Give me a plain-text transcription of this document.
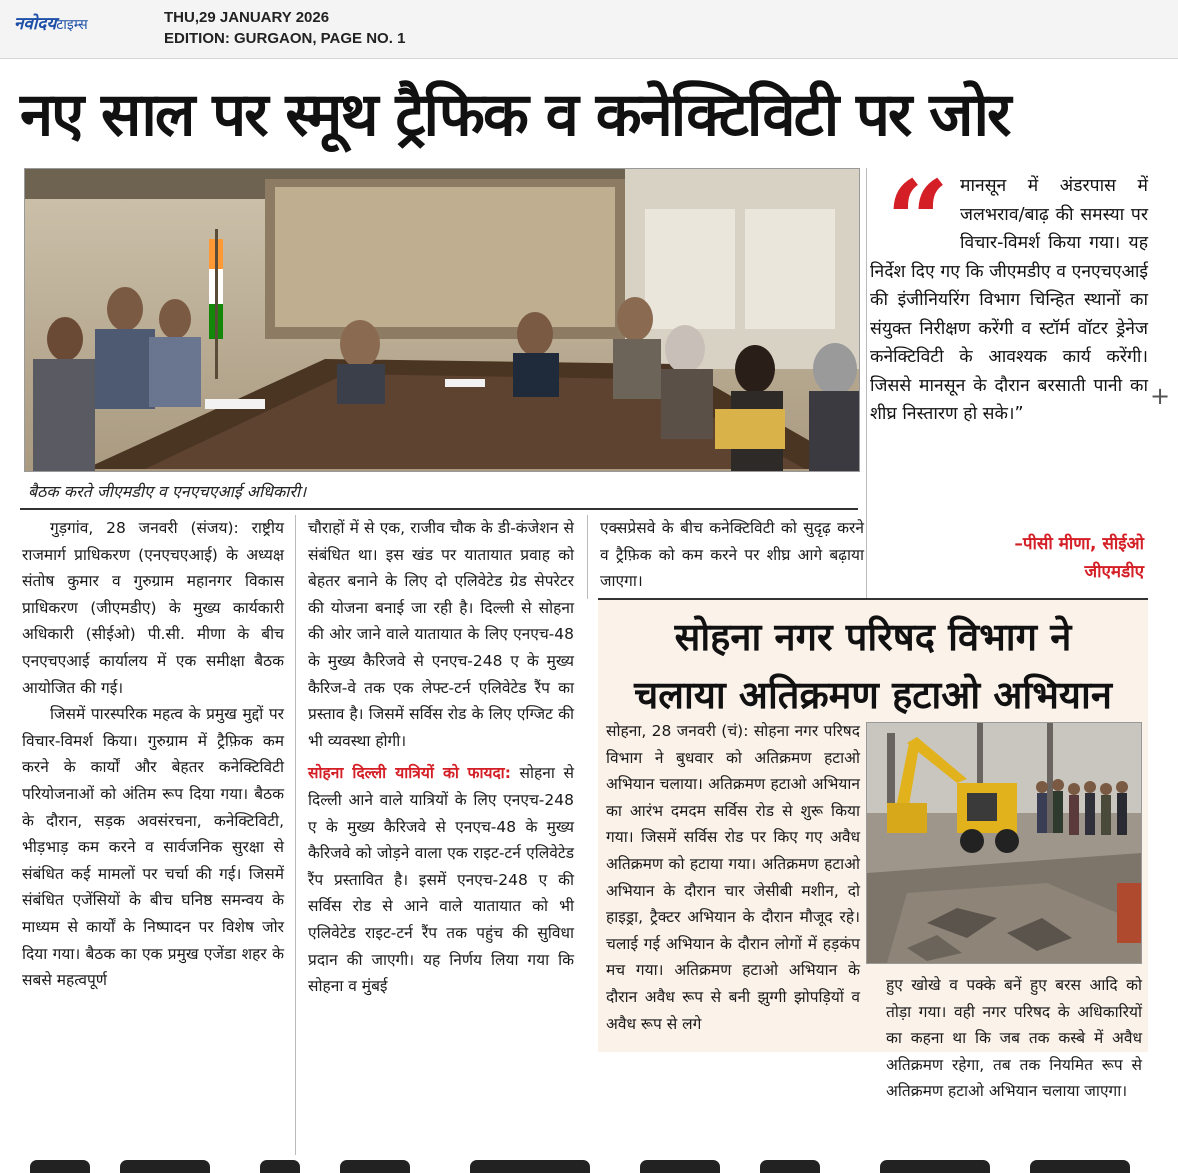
नवोदयटाइम्स	THU,29 JANUARY 2026
EDITION: GURGAON, PAGE NO. 1
नए साल पर स्मूथ ट्रैफिक व कनेक्टिविटी पर जोर
बैठक करते जीएमडीए व एनएचएआई अधिकारी।
“ मानसून में अंडरपास में जलभराव/बाढ़ की समस्या पर विचार-विमर्श किया गया। यह निर्देश दिए गए कि जीएमडीए व एनएचएआई की इंजीनियरिंग विभाग चिन्हित स्थानों का संयुक्त निरीक्षण करेंगी व स्टॉर्म वॉटर ड्रेनेज कनेक्टिविटी के आवश्यक कार्य करेंगी। जिससे मानसून के दौरान बरसाती पानी का शीघ्र निस्तारण हो सके।”
–पीसी मीणा, सीईओ
जीएमडीए
+

गुड़गांव, 28 जनवरी (संजय): राष्ट्रीय राजमार्ग प्राधिकरण (एनएचएआई) के अध्यक्ष संतोष कुमार व गुरुग्राम महानगर विकास प्राधिकरण (जीएमडीए) के मुख्य कार्यकारी अधिकारी (सीईओ) पी.सी. मीणा के बीच एनएचएआई कार्यालय में एक समीक्षा बैठक आयोजित की गई।

जिसमें पारस्परिक महत्व के प्रमुख मुद्दों पर विचार-विमर्श किया। गुरुग्राम में ट्रैफ़िक कम करने के कार्यों और बेहतर कनेक्टिविटी परियोजनाओं को अंतिम रूप दिया गया। बैठक के दौरान, सड़क अवसंरचना, कनेक्टिविटी, भीड़भाड़ कम करने व सार्वजनिक सुरक्षा से संबंधित कई मामलों पर चर्चा की गई। जिसमें संबंधित एजेंसियों के बीच घनिष्ठ समन्वय के माध्यम से कार्यों के निष्पादन पर विशेष जोर दिया गया। बैठक का एक प्रमुख एजेंडा शहर के सबसे महत्वपूर्ण

चौराहों में से एक, राजीव चौक के डी-कंजेशन से संबंधित था। इस खंड पर यातायात प्रवाह को बेहतर बनाने के लिए दो एलिवेटेड ग्रेड सेपरेटर की योजना बनाई जा रही है। दिल्ली से सोहना की ओर जाने वाले यातायात के लिए एनएच-48 के मुख्य कैरिजवे से एनएच-248 ए के मुख्य कैरिज-वे तक एक लेफ्ट-टर्न एलिवेटेड रैंप का प्रस्ताव है। जिसमें सर्विस रोड के लिए एग्जिट की भी व्यवस्था होगी।

सोहना दिल्ली यात्रियों को फायदा: सोहना से दिल्ली आने वाले यात्रियों के लिए एनएच-248 ए के मुख्य कैरिजवे से एनएच-48 के मुख्य कैरिजवे को जोड़ने वाला एक राइट-टर्न एलिवेटेड रैंप प्रस्तावित है। इसमें एनएच-248 ए की सर्विस रोड से आने वाले यातायात को भी एलिवेटेड राइट-टर्न रैंप तक पहुंच की सुविधा प्रदान की जाएगी। यह निर्णय लिया गया कि सोहना व मुंबई

एक्सप्रेसवे के बीच कनेक्टिविटी को सुदृढ़ करने व ट्रैफ़िक को कम करने पर शीघ्र आगे बढ़ाया जाएगा।

सोहना नगर परिषद विभाग ने
चलाया अतिक्रमण हटाओ अभियान

सोहना, 28 जनवरी (चं): सोहना नगर परिषद विभाग ने बुधवार को अतिक्रमण हटाओ अभियान चलाया। अतिक्रमण हटाओ अभियान का आरंभ दमदम सर्विस रोड से शुरू किया गया। जिसमें सर्विस रोड पर किए गए अवैध अतिक्रमण को हटाया गया। अतिक्रमण हटाओ अभियान के दौरान चार जेसीबी मशीन, दो हाइड्रा, ट्रैक्टर अभियान के दौरान मौजूद रहे। चलाई गई अभियान के दौरान लोगों में हड़कंप मच गया। अतिक्रमण हटाओ अभियान के दौरान अवैध रूप से बनी झुग्गी झोपड़ियों व अवैध रूप से लगे

हुए खोखे व पक्के बनें हुए बरस आदि को तोड़ा गया। वही नगर परिषद के अधिकारियों का कहना था कि जब तक कस्बे में अवैध अतिक्रमण रहेगा, तब तक नियमित रूप से अतिक्रमण हटाओ अभियान चलाया जाएगा।
